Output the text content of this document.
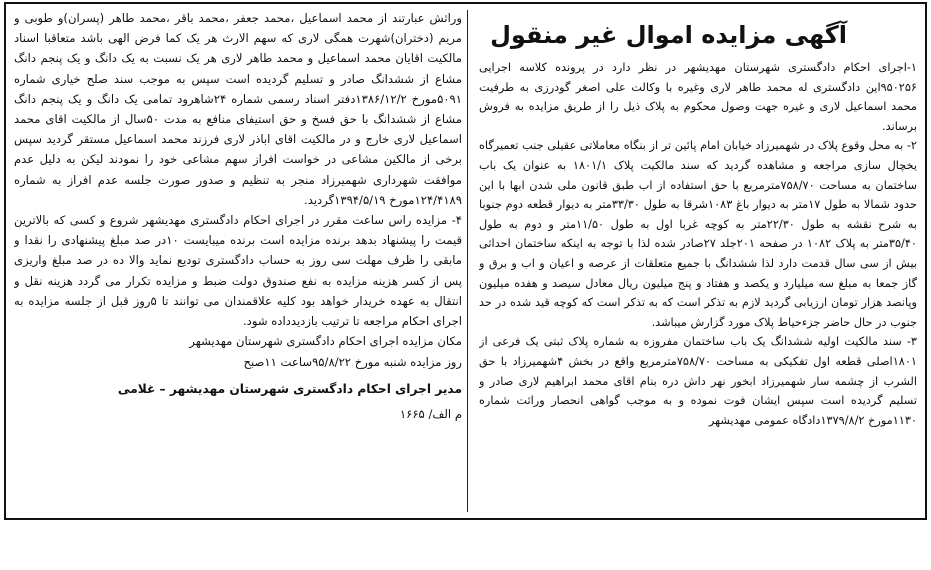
آگهی مزایده اموال غیر منقول

۱-اجرای احکام دادگستری شهرستان مهدیشهر در نظر دارد در پرونده کلاسه اجرایی ۹۵۰۲۵۶این دادگستری له محمد طاهر لاری وغیره با وکالت علی اصغر گودرزی به طرفیت محمد اسماعیل لاری و غیره جهت وصول محکوم به پلاک ذیل را از طریق مزایده به فروش برساند.

۲- به محل وقوع پلاک در شهمیرزاد خیابان امام پائین تر از بنگاه معاملاتی عقیلی جنب تعمیرگاه یخچال سازی مراجعه و مشاهده گردید که سند مالکیت پلاک ۱۸۰۱/۱ به عنوان یک باب ساختمان به مساحت ۷۵۸/۷۰مترمربع با حق استفاده از اب طبق قانون ملی شدن ابها با این حدود شمالا به طول ۱۷متر به دیوار باغ ۱۰۸۳شرقا به طول ۳۳/۳۰متر به دیوار قطعه دوم جنوبا به شرح نقشه به طول ۲۲/۳۰متر به کوچه غربا اول به طول ۱۱/۵۰متر و دوم به طول ۳۵/۴۰متر به پلاک ۱۰۸۲ در صفحه ۲۰۱جلد ۲۷صادر شده لذا با توجه به اینکه ساختمان احداثی بیش از سی سال قدمت دارد لذا ششدانگ با جمیع متعلقات از عرصه و اعیان و اب و برق و گاز جمعا به مبلغ سه میلیارد و یکصد و هفتاد و پنج میلیون ریال معادل سیصد و هفده میلیون وپانصد هزار تومان ارزیابی گردید لازم به تذکر است که به تذکر است که کوچه قید شده در حد جنوب در حال حاضر جزءحیاط پلاک مورد گزارش میباشد.

۳- سند مالکیت اولیه ششدانگ یک باب ساختمان مفروزه به شماره پلاک ثبتی یک فرعی از ۱۸۰۱اصلی قطعه اول تفکیکی به مساحت ۷۵۸/۷۰مترمربع واقع در بخش ۴شهمیرزاد با حق الشرب از چشمه سار شهمیرزاد ابخور نهر داش دره بنام اقای محمد ابراهیم لاری صادر و تسلیم گردیده است سپس ایشان فوت نموده و به موجب گواهی انحصار وراثت شماره ۱۱۳۰مورخ ۱۳۷۹/۸/۲دادگاه عمومی مهدیشهر

وراثش عبارتند از محمد اسماعیل ،محمد جعفر ،محمد باقر ،محمد طاهر (پسران)و طوبی و مریم (دختران)شهرت همگی لاری که سهم الارث هر یک کما فرض الهی باشد متعاقبا اسناد مالکیت اقایان محمد اسماعیل و محمد طاهر لاری هر یک نسبت به یک دانگ و یک پنجم دانگ مشاع از ششدانگ صادر و تسلیم گردیده است سپس به موجب سند صلح خیاری شماره ۵۰۹۱مورخ ۱۳۸۶/۱۲/۲دفتر اسناد رسمی شماره ۲۴شاهرود تمامی یک دانگ و یک پنجم دانگ مشاع از ششدانگ با حق فسخ و حق استیفای منافع به مدت ۵۰سال از مالکیت اقای محمد اسماعیل لاری خارج و در مالکیت اقای اباذر لاری فرزند محمد اسماعیل مستقر گردید سپس برخی از مالکین مشاعی در خواست افراز سهم مشاعی خود را نمودند لیکن به دلیل عدم موافقت شهرداری شهمیرزاد منجر به تنظیم و صدور صورت جلسه عدم افراز به شماره ۱۲۴/۴۱۸۹مورخ ۱۳۹۴/۵/۱۹گردید.

۴- مزایده راس ساعت مقرر در اجرای احکام دادگستری مهدیشهر شروع و کسی که بالاترین قیمت را پیشنهاد بدهد برنده مزایده است برنده میبایست ۱۰در صد مبلغ پیشنهادی را نقدا و مابقی را ظرف مهلت سی روز به حساب دادگستری تودیع نماید والا ده در صد مبلغ واریزی پس از کسر هزینه مزایده به نفع صندوق دولت ضبط و مزایده تکرار می گردد هزینه نقل و انتقال به عهده خریدار خواهد بود کلیه علاقمندان می توانند تا ۵روز قبل از جلسه مزایده به اجرای احکام مراجعه تا ترتیب بازدیدداده شود.

مکان مزایده اجرای احکام دادگستری شهرستان مهدیشهر

روز مزایده شنبه مورخ ۹۵/۸/۲۲ساعت ۱۱صبح

مدیر اجرای احکام دادگستری شهرستان مهدیشهر – غلامی

م الف/ ۱۶۶۵
